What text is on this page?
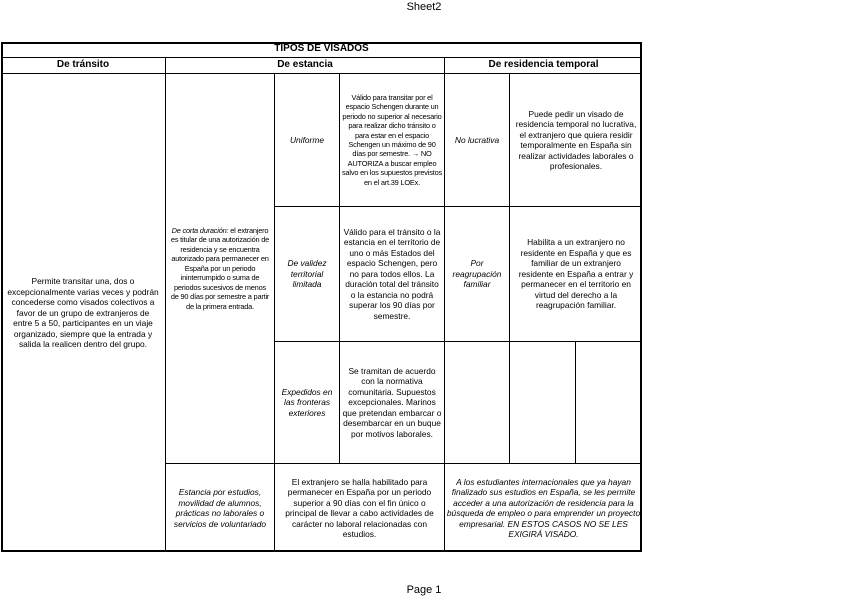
Sheet2
TIPOS DE VISADOS
De tránsito	De estancia	De residencia temporal
Permite transitar una, dos o excepcionalmente varias veces y podrán concederse como visados colectivos a favor de un grupo de extranjeros de entre 5 a 50, participantes en un viaje organizado, siempre que la entrada y salida la realicen dentro del grupo.
De corta duración: el extranjero es titular de una autorización de residencia y se encuentra autorizado para permanecer en España por un periodo ininterrumpido o suma de periodos sucesivos de menos de 90 días por semestre a partir de la primera entrada.
Uniforme
Válido para transitar por el espacio Schengen durante un periodo no superior al necesario para realizar dicho tránsito o para estar en el espacio Schengen un máximo de 90 días por semestre. → NO AUTORIZA a buscar empleo salvo en los supuestos previstos en el art.39 LOEx.
No lucrativa
Puede pedir un visado de residencia temporal no lucrativa, el extranjero que quiera residir temporalmente en España sin realizar actividades laborales o profesionales.
De validez territorial limitada
Válido para el tránsito o la estancia en el territorio de uno o más Estados del espacio Schengen, pero no para todos ellos. La duración total del tránsito o la estancia no podrá superar los 90 días por semestre.
Por reagrupación familiar
Habilita a un extranjero no residente en España y que es familiar de un extranjero residente en España a entrar y permanecer en el territorio en virtud del derecho a la reagrupación familiar.
Expedidos en las fronteras exteriores
Se tramitan de acuerdo con la normativa comunitaria. Supuestos excepcionales. Marinos que pretendan embarcar o desembarcar en un buque por motivos laborales.
Estancia por estudios, movilidad de alumnos, prácticas no laborales o servicios de voluntariado
El extranjero se halla habilitado para permanecer en España por un periodo superior a 90 días con el fin único o principal de llevar a cabo actividades de carácter no laboral relacionadas con estudios.
A los estudiantes internacionales que ya hayan finalizado sus estudios en España, se les permite acceder a una autorización de residencia para la búsqueda de empleo o para emprender un proyecto empresarial. EN ESTOS CASOS NO SE LES EXIGIRÁ VISADO.
Page 1
